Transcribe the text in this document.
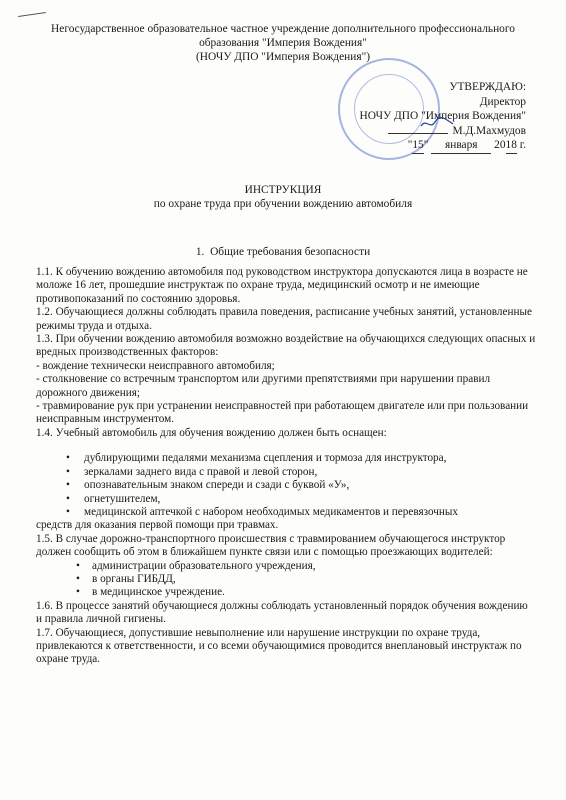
Негосударственное образовательное частное учреждение дополнительного профессионального
образования "Империя Вождения"
(НОЧУ ДПО "Империя Вождения")
УТВЕРЖДАЮ:
Директор
НОЧУ ДПО "Империя Вождения"
М.Д.Махмудов
"15" января 2018 г.
ИНСТРУКЦИЯ
по охране труда при обучении вождению автомобиля
1. Общие требования безопасности

1.1. К обучению вождению автомобиля под руководством инструктора допускаются лица в возрасте не моложе 16 лет, прошедшие инструктаж по охране труда, медицинский осмотр и не имеющие противопоказаний по состоянию здоровья.

1.2. Обучающиеся должны соблюдать правила поведения, расписание учебных занятий, установленные режимы труда и отдыха.

1.3. При обучении вождению автомобиля возможно воздействие на обучающихся следующих опасных и вредных производственных факторов:

- вождение технически неисправного автомобиля;

- столкновение со встречным транспортом или другими препятствиями при нарушении правил дорожного движения;

- травмирование рук при устранении неисправностей при работающем двигателе или при пользовании неисправным инструментом.

1.4. Учебный автомобиль для обучения вождению должен быть оснащен:

• дублирующими педалями механизма сцепления и тормоза для инструктора,
• зеркалами заднего вида с правой и левой сторон,
• опознавательным знаком спереди и сзади с буквой «У»,
• огнетушителем,
• медицинской аптечкой с набором необходимых медикаментов и перевязочных

средств для оказания первой помощи при травмах.

1.5. В случае дорожно-транспортного происшествия с травмированием обучающегося инструктор должен сообщить об этом в ближайшем пункте связи или с помощью проезжающих водителей:

• администрации образовательного учреждения,
• в органы ГИБДД,
• в медицинское учреждение.

1.6. В процессе занятий обучающиеся должны соблюдать установленный порядок обучения вождению и правила личной гигиены.

1.7. Обучающиеся, допустившие невыполнение или нарушение инструкции по охране труда, привлекаются к ответственности, и со всеми обучающимися проводится внеплановый инструктаж по охране труда.
